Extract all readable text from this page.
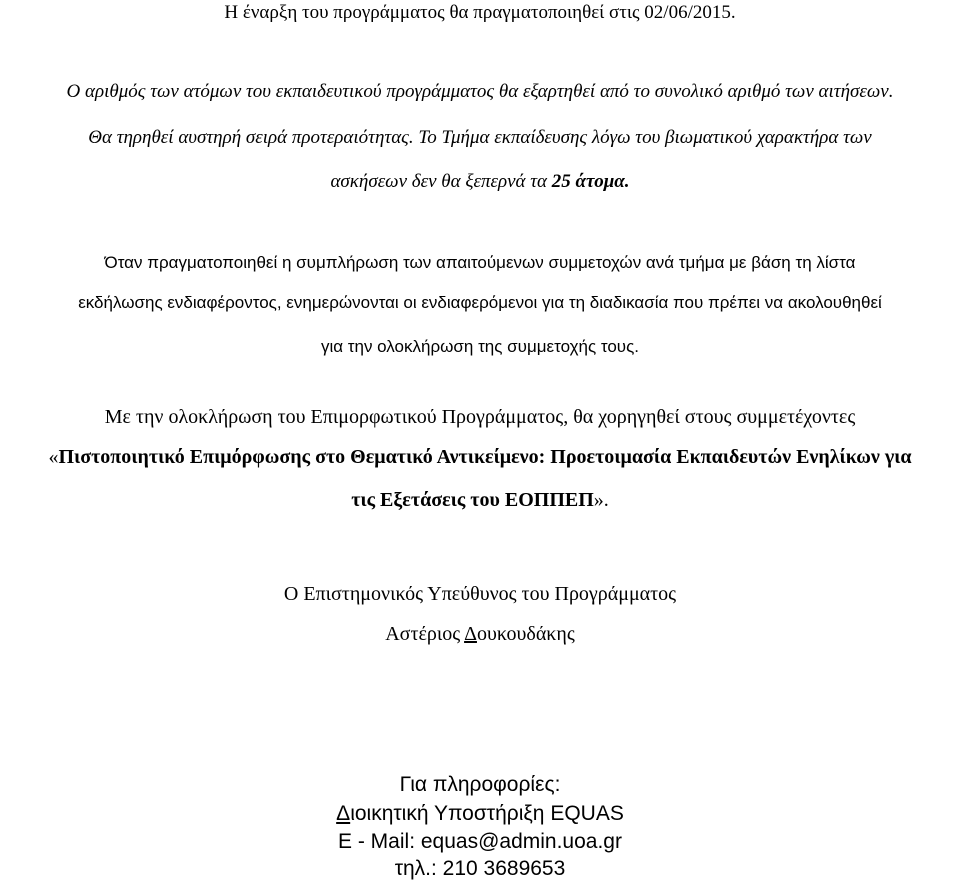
Η έναρξη του προγράμματος θα πραγματοποιηθεί στις 02/06/2015.
Ο αριθμός των ατόμων του εκπαιδευτικού προγράμματος θα εξαρτηθεί από το συνολικό αριθμό των αιτήσεων.
Θα τηρηθεί αυστηρή σειρά προτεραιότητας. Το Τμήμα εκπαίδευσης λόγω του βιωματικού χαρακτήρα των
ασκήσεων δεν θα ξεπερνά τα 25 άτομα.
Όταν πραγματοποιηθεί η συμπλήρωση των απαιτούμενων συμμετοχών ανά τμήμα με βάση τη λίστα
εκδήλωσης ενδιαφέροντος, ενημερώνονται οι ενδιαφερόμενοι για τη διαδικασία που πρέπει να ακολουθηθεί
για την ολοκλήρωση της συμμετοχής τους.
Με την ολοκλήρωση του Επιμορφωτικού Προγράμματος, θα χορηγηθεί στους συμμετέχοντες
«Πιστοποιητικό Επιμόρφωσης στο Θεματικό Αντικείμενο: Προετοιμασία Εκπαιδευτών Ενηλίκων για
τις Εξετάσεις του ΕΟΠΠΕΠ».
Ο Επιστημονικός Υπεύθυνος του Προγράμματος
Αστέριος Δουκουδάκης
Για πληροφορίες:
Διοικητική Υποστήριξη EQUAS
E - Mail: equas@admin.uoa.gr
τηλ.: 210 3689653
